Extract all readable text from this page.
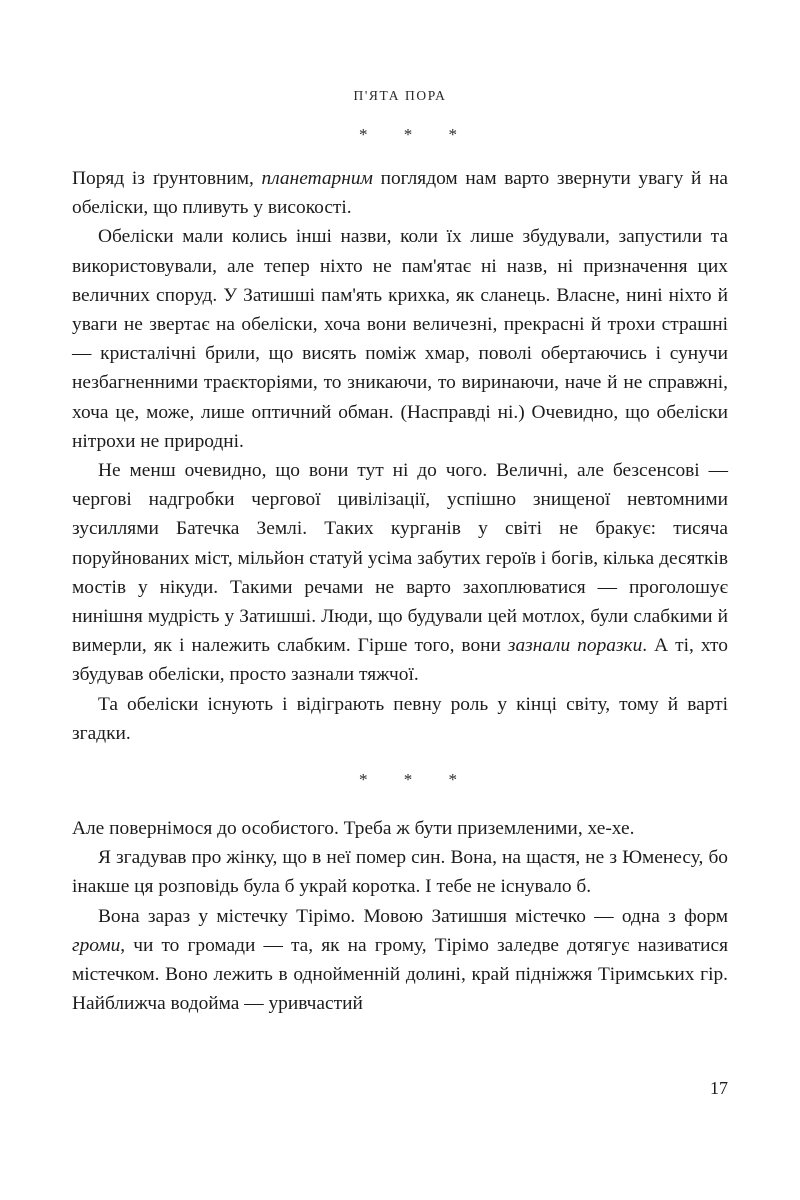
П'ЯТА ПОРА
* * *

Поряд із ґрунтовним, планетарним поглядом нам варто звернути увагу й на обеліски, що пливуть у високості.

Обеліски мали колись інші назви, коли їх лише збудували, запустили та використовували, але тепер ніхто не пам'ятає ні назв, ні призначення цих величних споруд. У Затишші пам'ять крихка, як сланець. Власне, нині ніхто й уваги не звертає на обеліски, хоча вони величезні, прекрасні й трохи страшні — кристалічні брили, що висять поміж хмар, поволі обертаючись і сунучи незбагненними траєкторіями, то зникаючи, то виринаючи, наче й не справжні, хоча це, може, лише оптичний обман. (Насправді ні.) Очевидно, що обеліски нітрохи не природні.

Не менш очевидно, що вони тут ні до чого. Величні, але безсенсові — чергові надгробки чергової цивілізації, успішно знищеної невтомними зусиллями Батечка Землі. Таких курганів у світі не бракує: тисяча поруйнованих міст, мільйон статуй усіма забутих героїв і богів, кілька десятків мостів у нікуди. Такими речами не варто захоплюватися — проголошує нинішня мудрість у Затишші. Люди, що будували цей мотлох, були слабкими й вимерли, як і належить слабким. Гірше того, вони зазнали поразки. А ті, хто збудував обеліски, просто зазнали тяжчої.

Та обеліски існують і відіграють певну роль у кінці світу, тому й варті згадки.

* * *

Але повернімося до особистого. Треба ж бути приземленими, хе-хе.

Я згадував про жінку, що в неї помер син. Вона, на щастя, не з Юменесу, бо інакше ця розповідь була б украй коротка. І тебе не існувало б.

Вона зараз у містечку Тірімо. Мовою Затишшя містечко — одна з форм громи, чи то громади — та, як на грому, Тірімо заледве дотягує називатися містечком. Воно лежить в однойменній долині, край підніжжя Тіримських гір. Найближча водойма — уривчастий

17
